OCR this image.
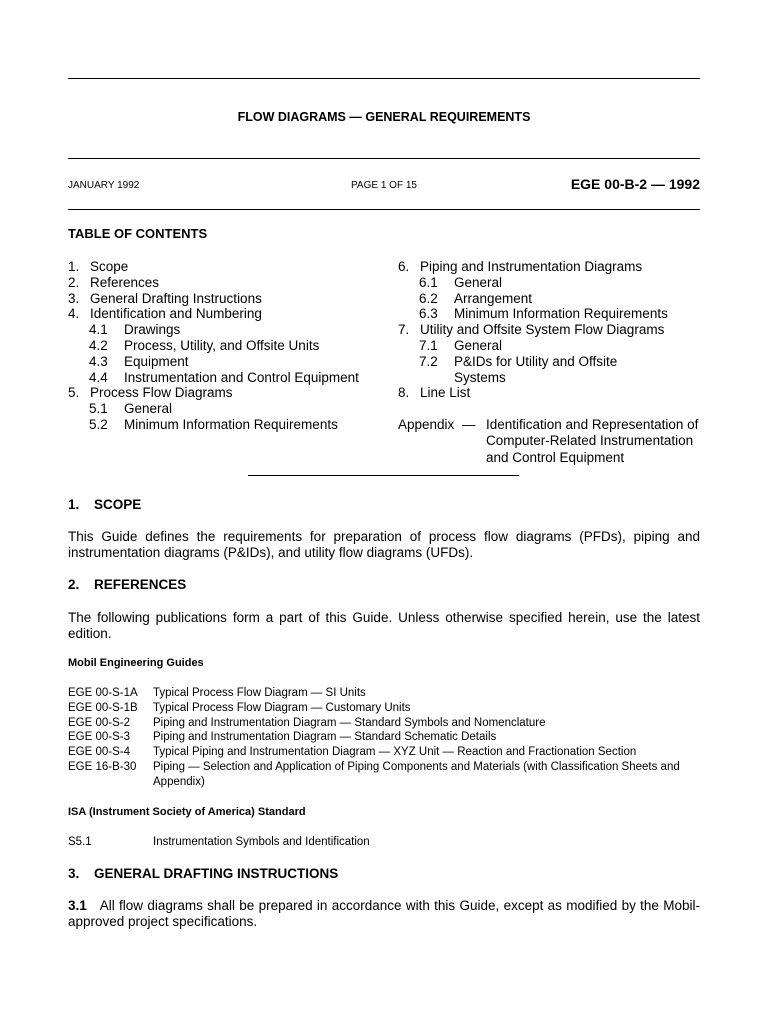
FLOW DIAGRAMS — GENERAL REQUIREMENTS
JANUARY 1992	PAGE 1 OF 15	EGE 00-B-2 — 1992
TABLE OF CONTENTS
1. Scope
2. References
3. General Drafting Instructions
4. Identification and Numbering
4.1 Drawings
4.2 Process, Utility, and Offsite Units
4.3 Equipment
4.4 Instrumentation and Control Equipment
5. Process Flow Diagrams
5.1 General
5.2 Minimum Information Requirements
6. Piping and Instrumentation Diagrams
6.1 General
6.2 Arrangement
6.3 Minimum Information Requirements
7. Utility and Offsite System Flow Diagrams
7.1 General
7.2 P&IDs for Utility and Offsite
Systems
8. Line List
Appendix — Identification and Representation of
Computer-Related Instrumentation
and Control Equipment
1. SCOPE
This Guide defines the requirements for preparation of process flow diagrams (PFDs), piping and instrumentation diagrams (P&IDs), and utility flow diagrams (UFDs).
2. REFERENCES
The following publications form a part of this Guide. Unless otherwise specified herein, use the latest edition.
Mobil Engineering Guides
EGE 00-S-1A Typical Process Flow Diagram — SI Units
EGE 00-S-1B Typical Process Flow Diagram — Customary Units
EGE 00-S-2 Piping and Instrumentation Diagram — Standard Symbols and Nomenclature
EGE 00-S-3 Piping and Instrumentation Diagram — Standard Schematic Details
EGE 00-S-4 Typical Piping and Instrumentation Diagram — XYZ Unit — Reaction and Fractionation Section
EGE 16-B-30 Piping — Selection and Application of Piping Components and Materials (with Classification Sheets and Appendix)
ISA (Instrument Society of America) Standard
S5.1	Instrumentation Symbols and Identification
3. GENERAL DRAFTING INSTRUCTIONS
3.1 All flow diagrams shall be prepared in accordance with this Guide, except as modified by the Mobil-approved project specifications.
